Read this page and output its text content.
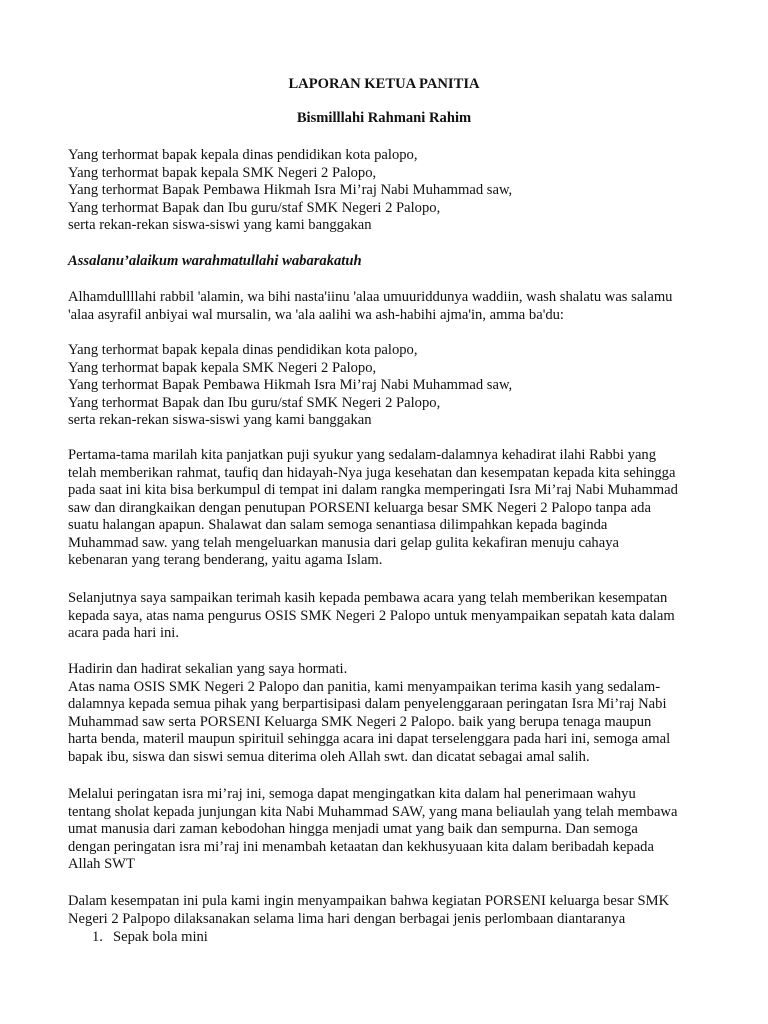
LAPORAN KETUA PANITIA
Bismilllahi Rahmani Rahim

Yang terhormat bapak kepala dinas pendidikan kota palopo,

Yang terhormat bapak kepala SMK Negeri 2 Palopo,

Yang terhormat Bapak Pembawa Hikmah Isra Mi’raj Nabi Muhammad saw,

Yang terhormat Bapak dan Ibu guru/staf SMK Negeri 2 Palopo,

serta rekan-rekan siswa-siswi yang kami banggakan

Assalanu’alaikum warahmatullahi wabarakatuh

Alhamdullllahi rabbil 'alamin, wa bihi nasta'iinu 'alaa umuuriddunya waddiin, wash shalatu was salamu

'alaa asyrafil anbiyai wal mursalin, wa 'ala aalihi wa ash-habihi ajma'in, amma ba'du:

Yang terhormat bapak kepala dinas pendidikan kota palopo,

Yang terhormat bapak kepala SMK Negeri 2 Palopo,

Yang terhormat Bapak Pembawa Hikmah Isra Mi’raj Nabi Muhammad saw,

Yang terhormat Bapak dan Ibu guru/staf SMK Negeri 2 Palopo,

serta rekan-rekan siswa-siswi yang kami banggakan

Pertama-tama marilah kita panjatkan puji syukur yang sedalam-dalamnya kehadirat ilahi Rabbi yang

telah memberikan rahmat, taufiq dan hidayah-Nya juga kesehatan dan kesempatan kepada kita sehingga

pada saat ini kita bisa berkumpul di tempat ini dalam rangka memperingati Isra Mi’raj Nabi Muhammad

saw dan dirangkaikan dengan penutupan PORSENI keluarga besar SMK Negeri 2 Palopo tanpa ada

suatu halangan apapun. Shalawat dan salam semoga senantiasa dilimpahkan kepada baginda

Muhammad saw. yang telah mengeluarkan manusia dari gelap gulita kekafiran menuju cahaya

kebenaran yang terang benderang, yaitu agama Islam.

Selanjutnya saya sampaikan terimah kasih kepada pembawa acara yang telah memberikan kesempatan

kepada saya, atas nama pengurus OSIS SMK Negeri 2 Palopo untuk menyampaikan sepatah kata dalam

acara pada hari ini.

Hadirin dan hadirat sekalian yang saya hormati.

Atas nama OSIS SMK Negeri 2 Palopo dan panitia, kami menyampaikan terima kasih yang sedalam-

dalamnya kepada semua pihak yang berpartisipasi dalam penyelenggaraan peringatan Isra Mi’raj Nabi

Muhammad saw serta PORSENI Keluarga SMK Negeri 2 Palopo. baik yang berupa tenaga maupun

harta benda, materil maupun spirituil sehingga acara ini dapat terselenggara pada hari ini, semoga amal

bapak ibu, siswa dan siswi semua diterima oleh Allah swt. dan dicatat sebagai amal salih.

Melalui peringatan isra mi’raj ini, semoga dapat mengingatkan kita dalam hal penerimaan wahyu

tentang sholat kepada junjungan kita Nabi Muhammad SAW, yang mana beliaulah yang telah membawa

umat manusia dari zaman kebodohan hingga menjadi umat yang baik dan sempurna. Dan semoga

dengan peringatan isra mi’raj ini menambah ketaatan dan kekhusyuaan kita dalam beribadah kepada

Allah SWT

Dalam kesempatan ini pula kami ingin menyampaikan bahwa kegiatan PORSENI keluarga besar SMK

Negeri 2 Palpopo dilaksanakan selama lima hari dengan berbagai jenis perlombaan diantaranya

1. Sepak bola mini
